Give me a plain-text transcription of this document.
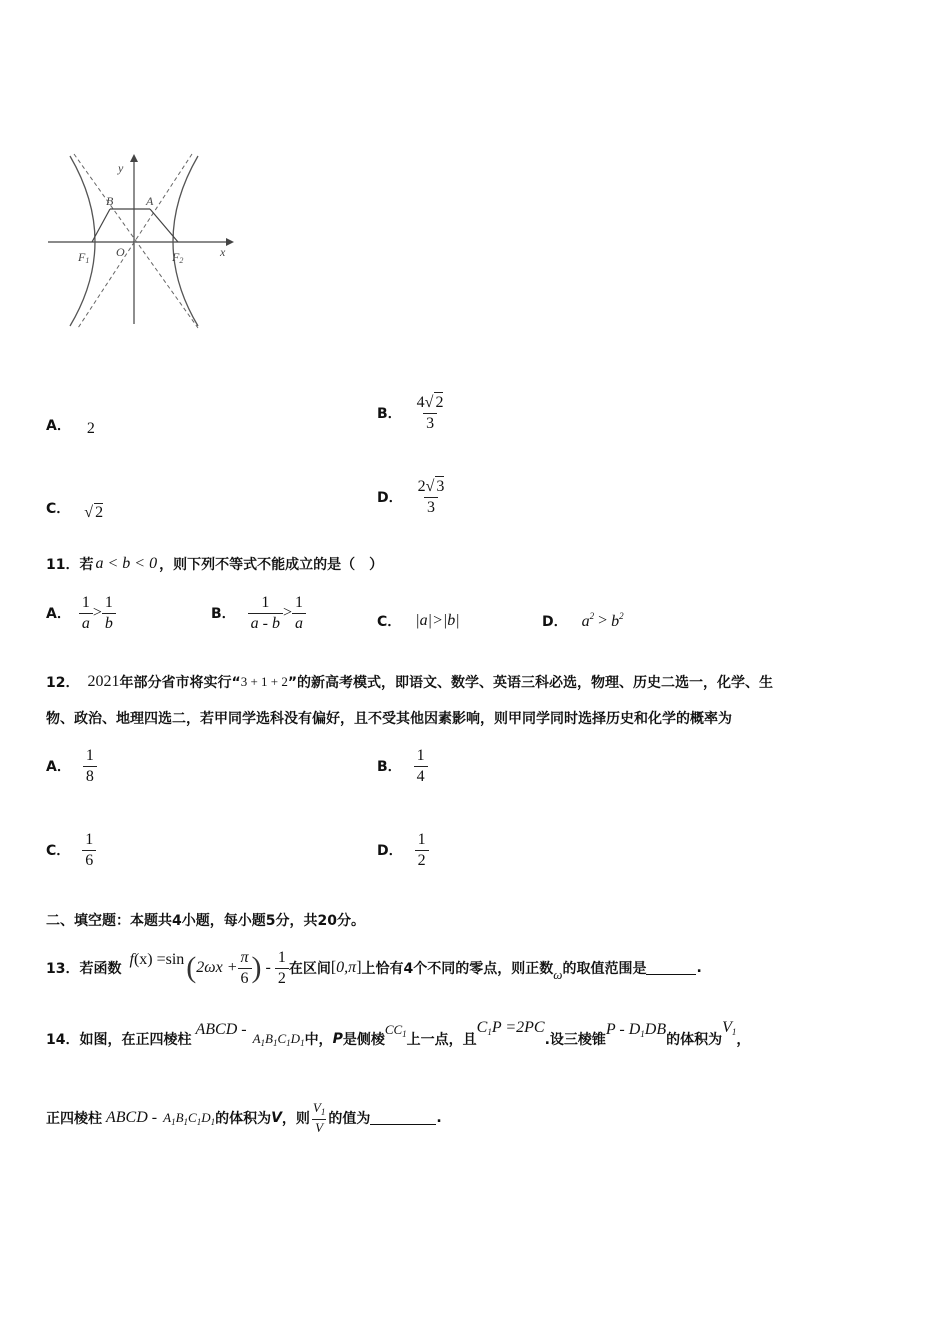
y
x
B	A
O
F1	F2
A． 2
B． $\frac{4√ 2}{3}$
C． √ 2
D． $\frac{2√ 3}{3}$
11． 若 a < b < 0 ，则下列不等式不能成立的是（　）
A． $\frac{1}{a} > \frac{1}{b}$	B． $\frac{1}{a - b} > \frac{1}{a}$	C． |a|>|b|	D． $a^2 > b^2$
12． 2021 年部分省市将实行“ 3 + 1 + 2 ”的新高考模式，即语文、数学、英语三科必选，物理、历史二选一，化学、生
物、政治、地理四选二，若甲同学选科没有偏好，且不受其他因素影响，则甲同学同时选择历史和化学的概率为
A． $\frac{1}{8}$	B． $\frac{1}{4}$
C． $\frac{1}{6}$	D． $\frac{1}{2}$
二、填空题：本题共4小题，每小题5分，共20分。
13． 若函数
f (x) =sin ( $2\omega x + \frac{\pi}{6}$ ) - $\frac{1}{2}$ 在区间 [ 0,π ] 上恰有4个不同的零点，则正数 ω 的取值范围是	.
14． 如图，在正四棱柱
ABCD - $A_1B_1C_1D_1$ 中， P 是侧棱
$CC_1$ 上一点，且
$C_1P =2PC$
.设三棱锥
P - $D_1DB$
的体积为
$V_1$ ，
正四棱柱 ABCD - $A_1B_1C_1D_1$ 的体积为 V ，则 $\frac{V_1}{V}$ 的值为	.
